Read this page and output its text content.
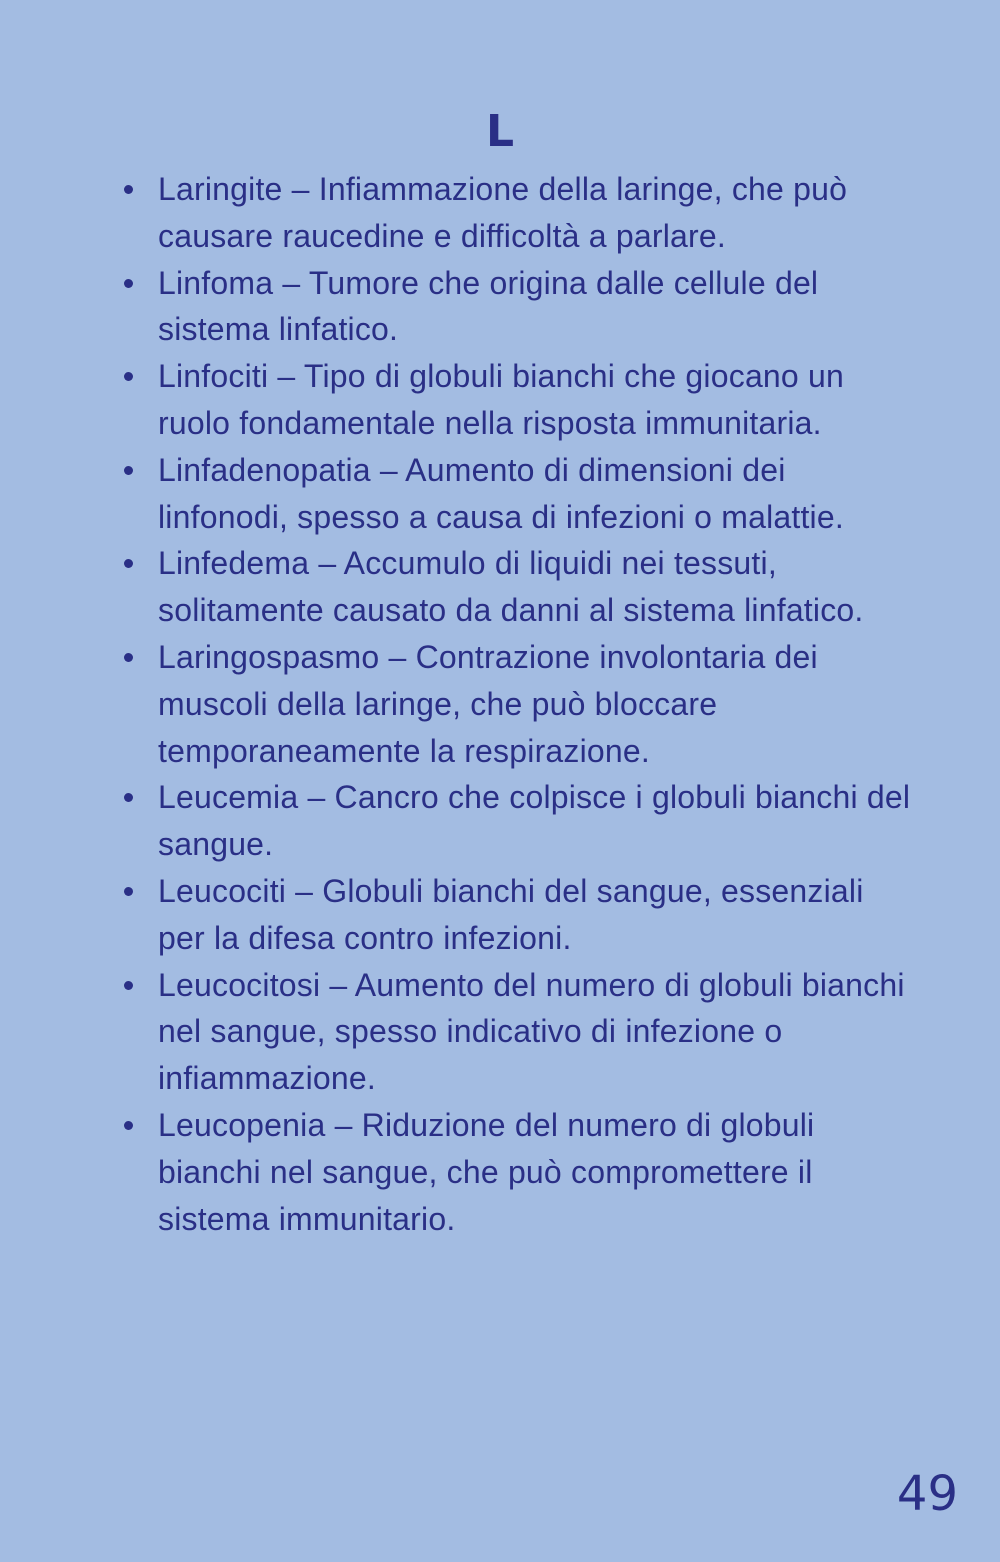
L
Laringite – Infiammazione della laringe, che può causare raucedine e difficoltà a parlare.
Linfoma – Tumore che origina dalle cellule del sistema linfatico.
Linfociti – Tipo di globuli bianchi che giocano un ruolo fondamentale nella risposta immunitaria.
Linfadenopatia – Aumento di dimensioni dei linfonodi, spesso a causa di infezioni o malattie.
Linfedema – Accumulo di liquidi nei tessuti, solitamente causato da danni al sistema linfatico.
Laringospasmo – Contrazione involontaria dei muscoli della laringe, che può bloccare temporaneamente la respirazione.
Leucemia – Cancro che colpisce i globuli bianchi del sangue.
Leucociti – Globuli bianchi del sangue, essenziali per la difesa contro infezioni.
Leucocitosi – Aumento del numero di globuli bianchi nel sangue, spesso indicativo di infezione o infiammazione.
Leucopenia – Riduzione del numero di globuli bianchi nel sangue, che può compromettere il sistema immunitario.
49
